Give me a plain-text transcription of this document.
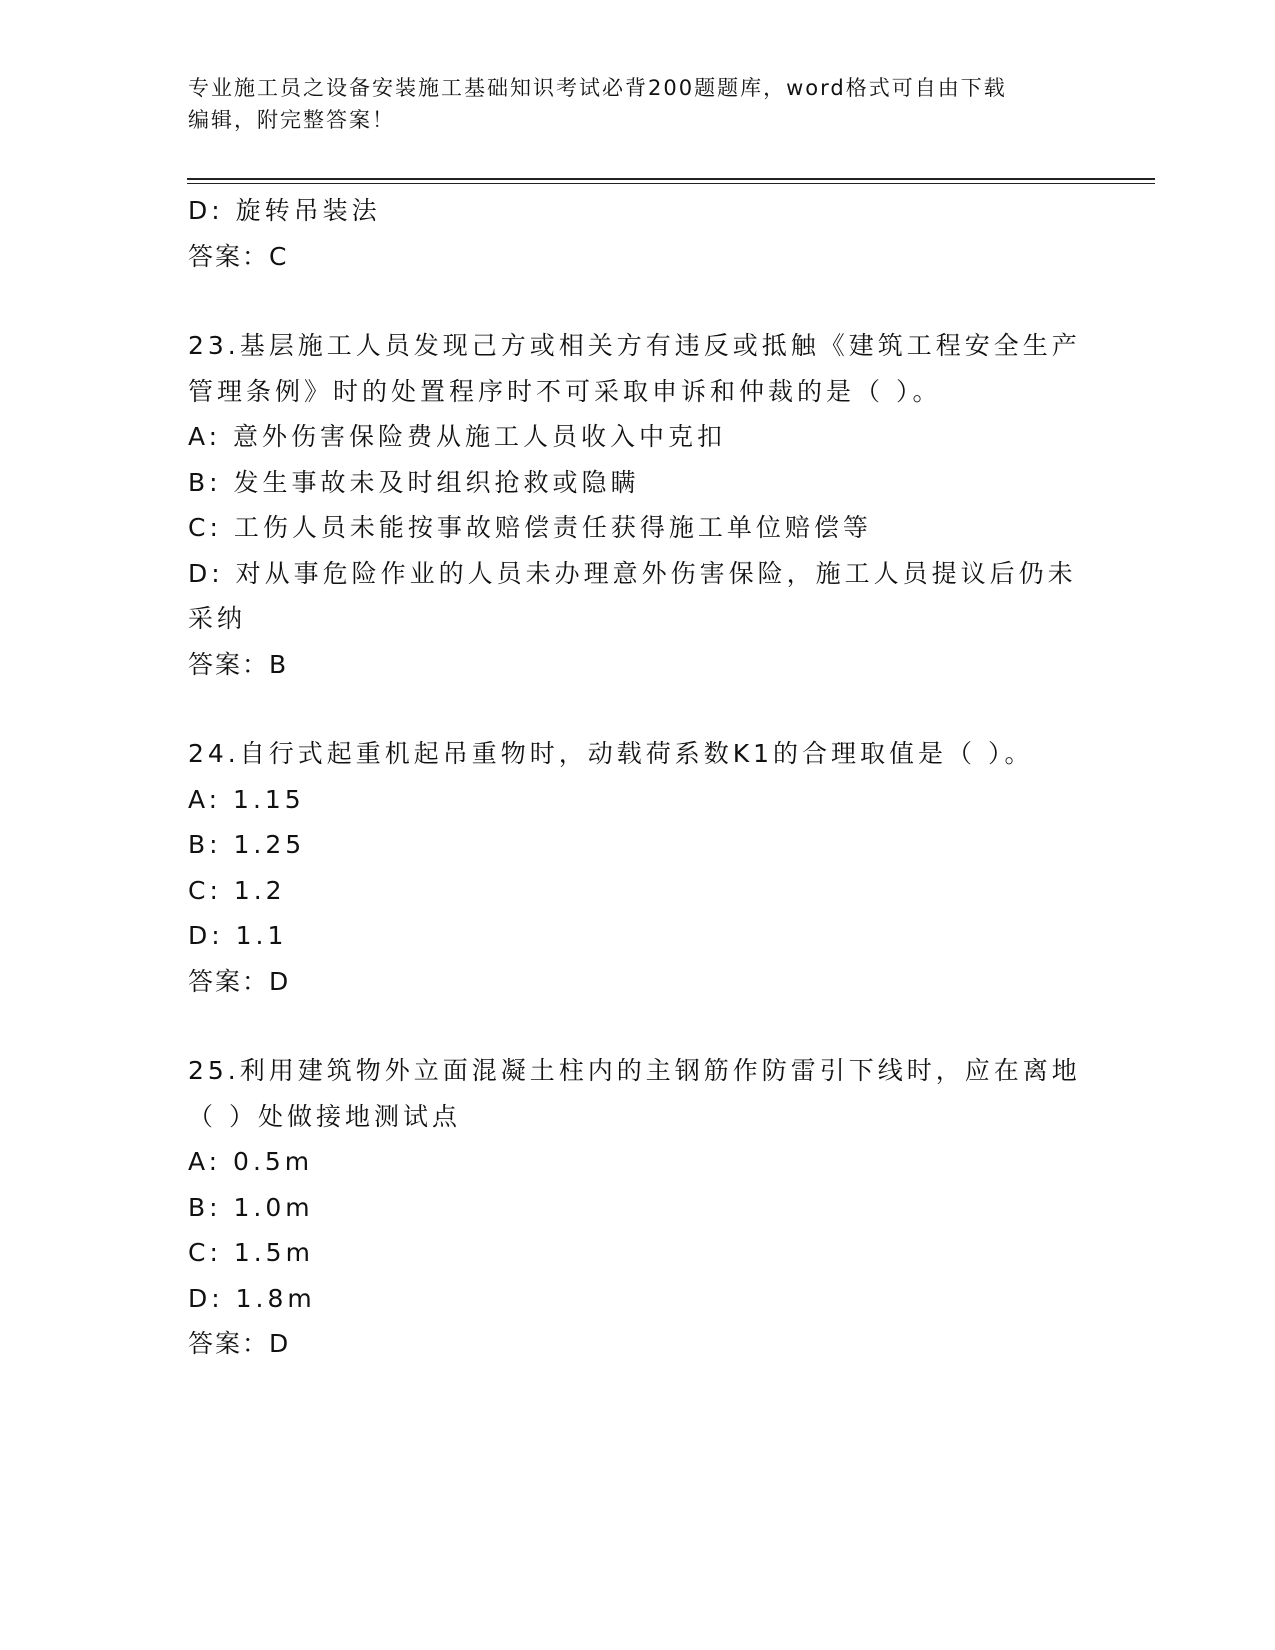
专业施工员之设备安装施工基础知识考试必背200题题库，word格式可自由下载
编辑，附完整答案！
D: 旋转吊装法
答案：C
23.基层施工人员发现己方或相关方有违反或抵触《建筑工程安全生产
管理条例》时的处置程序时不可采取申诉和仲裁的是（ ）。
A: 意外伤害保险费从施工人员收入中克扣
B: 发生事故未及时组织抢救或隐瞒
C: 工伤人员未能按事故赔偿责任获得施工单位赔偿等
D: 对从事危险作业的人员未办理意外伤害保险，施工人员提议后仍未
采纳
答案：B
24.自行式起重机起吊重物时，动载荷系数K1的合理取值是（ ）。
A: 1.15
B: 1.25
C: 1.2
D: 1.1
答案：D
25.利用建筑物外立面混凝土柱内的主钢筋作防雷引下线时，应在离地
（ ）处做接地测试点
A: 0.5m
B: 1.0m
C: 1.5m
D: 1.8m
答案：D
